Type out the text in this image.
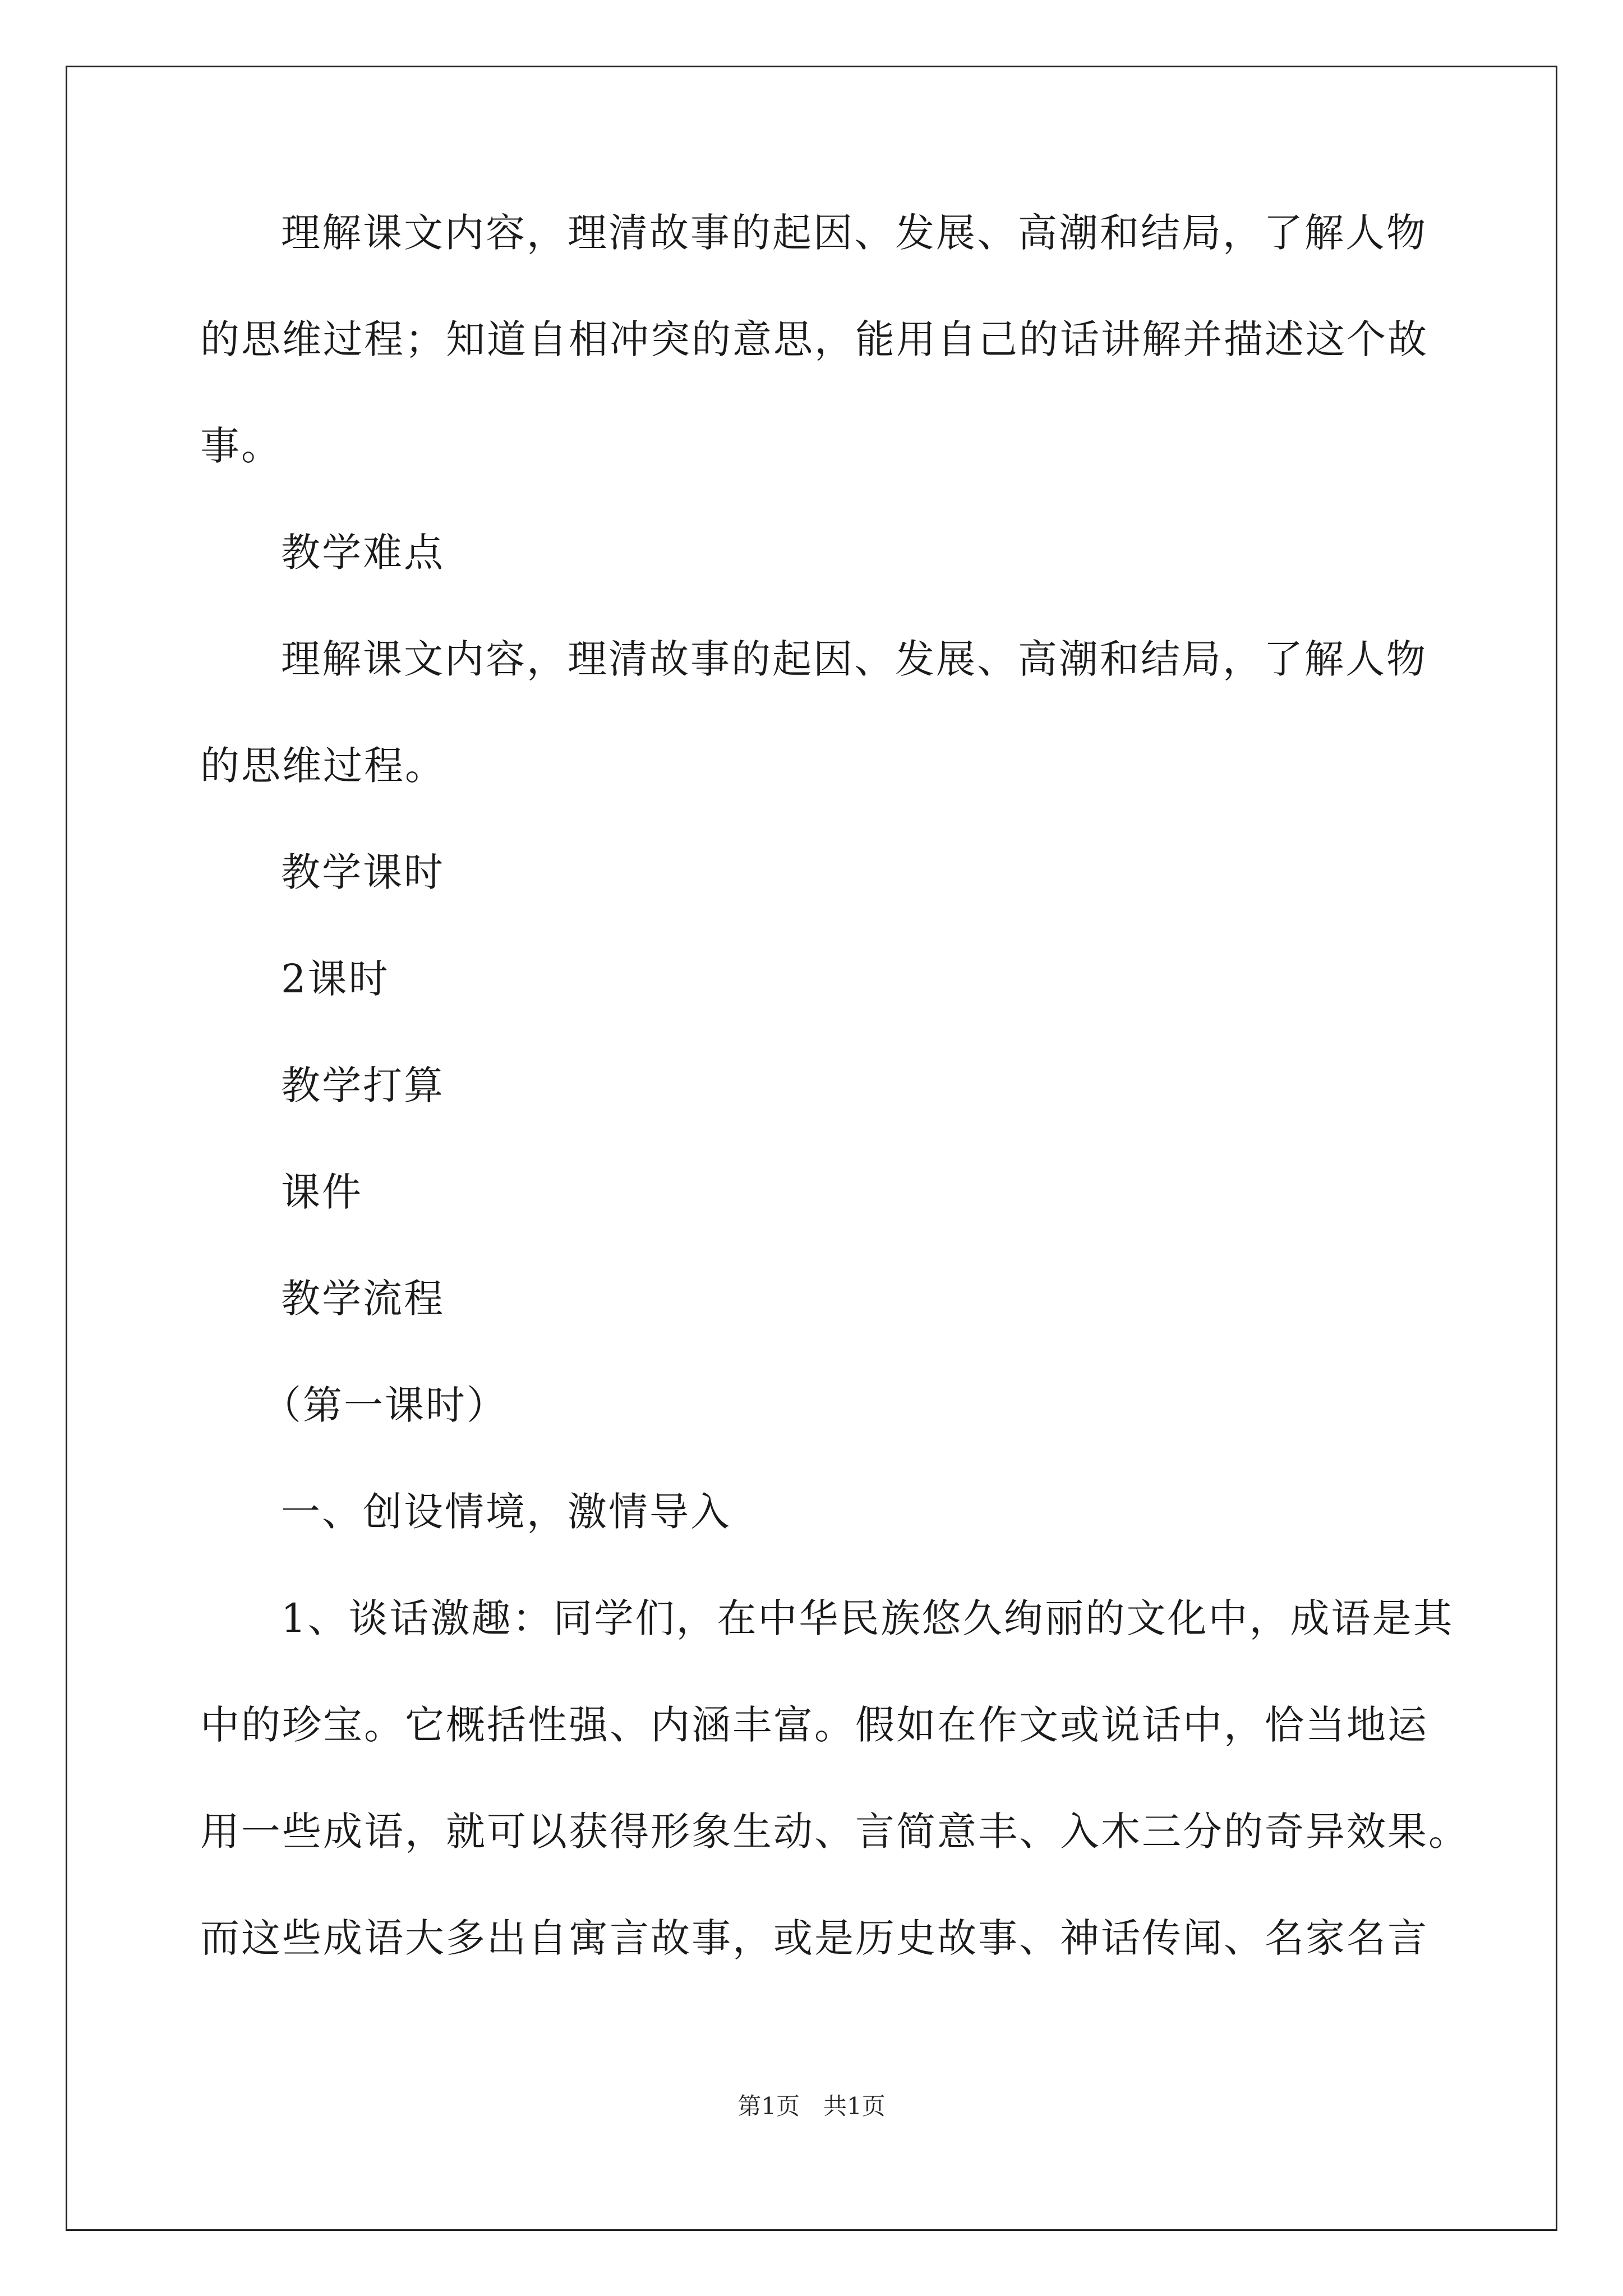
理解课文内容，理清故事的起因、发展、高潮和结局，了解人物
的思维过程；知道自相冲突的意思，能用自己的话讲解并描述这个故
事。
教学难点
理解课文内容，理清故事的起因、发展、高潮和结局，了解人物
的思维过程。
教学课时
2课时
教学打算
课件
教学流程
（第一课时）
一、创设情境，激情导入
1、谈话激趣：同学们，在中华民族悠久绚丽的文化中，成语是其
中的珍宝。它概括性强、内涵丰富。假如在作文或说话中，恰当地运
用一些成语，就可以获得形象生动、言简意丰、入木三分的奇异效果。
而这些成语大多出自寓言故事，或是历史故事、神话传闻、名家名言
第1页　共1页
